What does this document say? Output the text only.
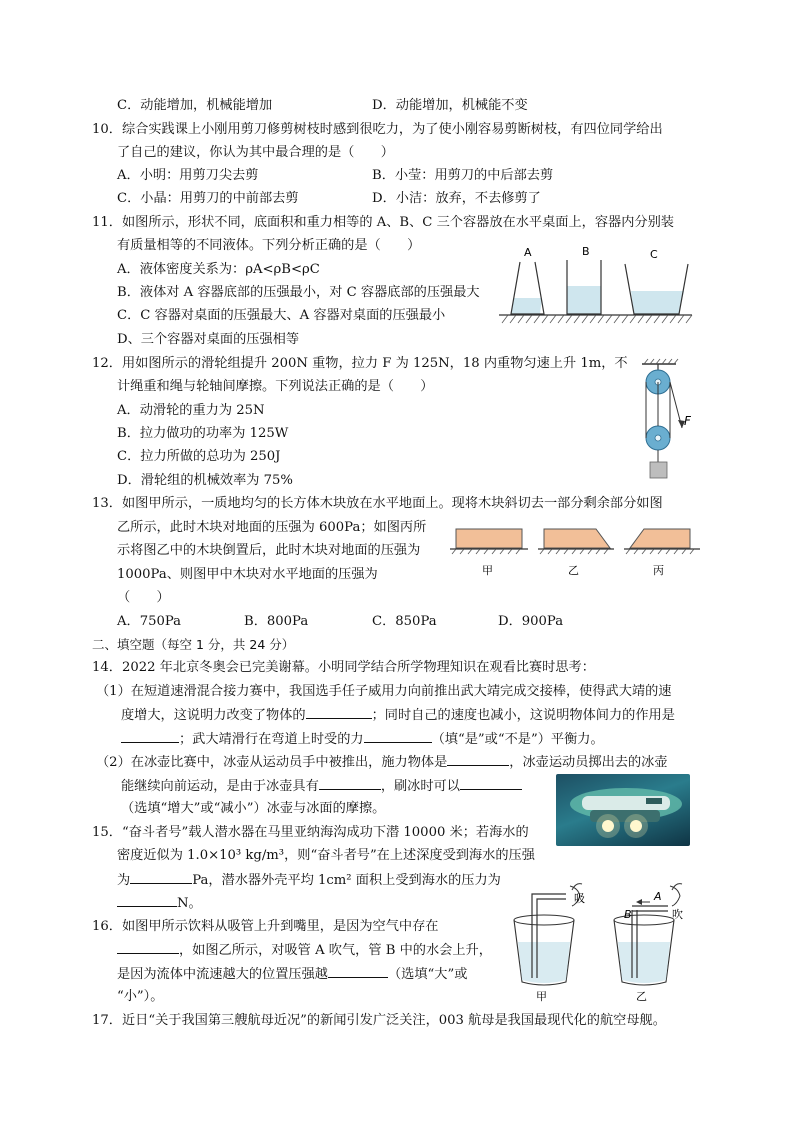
C．动能增加，机械能增加	D．动能增加，机械能不变
10．综合实践课上小刚用剪刀修剪树枝时感到很吃力，为了使小刚容易剪断树枝，有四位同学给出
了自己的建议，你认为其中最合理的是（　　）
A．小明：用剪刀尖去剪	B．小莹：用剪刀的中后部去剪
C．小晶：用剪刀的中前部去剪	D．小洁：放弃，不去修剪了
11．如图所示，形状不同，底面积和重力相等的 A、B、C 三个容器放在水平桌面上，容器内分别装
有质量相等的不同液体。下列分析正确的是（　　）
A．液体密度关系为：ρA<ρB<ρC
B．液体对 A 容器底部的压强最小，对 C 容器底部的压强最大
C．C 容器对桌面的压强最大、A 容器对桌面的压强最小
D、三个容器对桌面的压强相等
A	B	C
12．用如图所示的滑轮组提升 200N 重物，拉力 F 为 125N，18 内重物匀速上升 1m，不
计绳重和绳与轮轴间摩擦。下列说法正确的是（　　）
A．动滑轮的重力为 25N
B．拉力做功的功率为 125W
C．拉力所做的总功为 250J
D．滑轮组的机械效率为 75%
F
13．如图甲所示，一质地均匀的长方体木块放在水平地面上。现将木块斜切去一部分剩余部分如图
乙所示，此时木块对地面的压强为 600Pa；如图丙所
示将图乙中的木块倒置后，此时木块对地面的压强为
1000Pa、则图甲中木块对水平地面的压强为
（　　）
A．750Pa	B．800Pa	C．850Pa	D．900Pa
甲	乙	丙
二、填空题（每空 1 分，共 24 分）
14．2022 年北京冬奥会已完美谢幕。小明同学结合所学物理知识在观看比赛时思考：
（1）在短道速滑混合接力赛中，我国选手任子威用力向前推出武大靖完成交接棒，使得武大靖的速
度增大，这说明力改变了物体的	；同时自己的速度也减小，这说明物体间力的作用是
；武大靖滑行在弯道上时受的力	（填“是”或“不是”）平衡力。
（2）在冰壶比赛中，冰壶从运动员手中被推出，施力物体是	，冰壶运动员掷出去的冰壶
能继续向前运动，是由于冰壶具有	，刷冰时可以
（选填“增大”或“减小”）冰壶与冰面的摩擦。
15．“奋斗者号”载人潜水器在马里亚纳海沟成功下潜 10000 米；若海水的
密度近似为 1.0×10³ kg/m³，则“奋斗者号”在上述深度受到海水的压强
为	Pa，潜水器外壳平均 1cm² 面积上受到海水的压力为
N。
16．如图甲所示饮料从吸管上升到嘴里，是因为空气中存在
，如图乙所示，对吸管 A 吹气，管 B 中的水会上升，
是因为流体中流速越大的位置压强越	（选填“大”或
“小”）。
吸
甲
B
A
吹
乙
17．近日“关于我国第三艘航母近况”的新闻引发广泛关注，003 航母是我国最现代化的航空母舰。
